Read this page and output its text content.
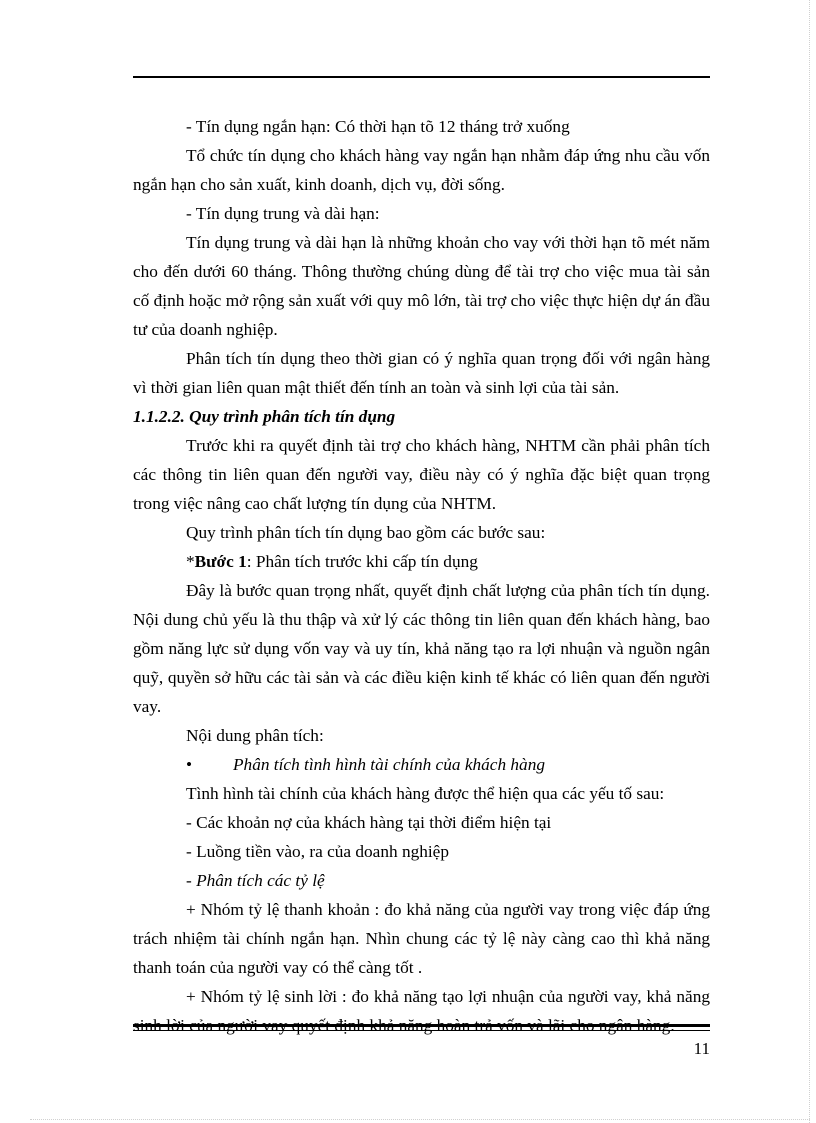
- Tín dụng ngắn hạn: Có thời hạn tõ 12 tháng trở xuống

Tổ chức tín dụng cho khách hàng vay ngắn hạn nhằm đáp ứng nhu cầu vốn ngắn hạn cho sản xuất, kinh doanh, dịch vụ, đời sống.

- Tín dụng trung và dài hạn:

Tín dụng trung và dài hạn là những khoản cho vay với thời hạn tõ mét năm cho đến dưới 60 tháng. Thông thường chúng dùng để tài trợ cho việc mua tài sản cố định hoặc mở rộng sản xuất với quy mô lớn, tài trợ cho việc thực hiện dự án đầu tư của doanh nghiệp.

Phân tích tín dụng theo thời gian có ý nghĩa quan trọng đối với ngân hàng vì thời gian liên quan mật thiết đến tính an toàn và sinh lợi của tài sản.

1.1.2.2. Quy trình phân tích tín dụng

Trước khi ra quyết định tài trợ cho khách hàng, NHTM cần phải phân tích các thông tin liên quan đến người vay, điều này có ý nghĩa đặc biệt quan trọng trong việc nâng cao chất lượng tín dụng của NHTM.

Quy trình phân tích tín dụng bao gồm các bước sau:

*Bước 1: Phân tích trước khi cấp tín dụng

Đây là bước quan trọng nhất, quyết định chất lượng của phân tích tín dụng. Nội dung chủ yếu là thu thập và xử lý các thông tin liên quan đến khách hàng, bao gồm năng lực sử dụng vốn vay và uy tín, khả năng tạo ra lợi nhuận và nguồn ngân quỹ, quyền sở hữu các tài sản và các điều kiện kinh tế khác có liên quan đến người vay.

Nội dung phân tích:

•	Phân tích tình hình tài chính của khách hàng

Tình hình tài chính của khách hàng được thể hiện qua các yếu tố sau:

- Các khoản nợ của khách hàng tại thời điểm hiện tại

- Luồng tiền vào, ra của doanh nghiệp

- Phân tích các tỷ lệ

+ Nhóm tỷ lệ thanh khoản : đo khả năng của người vay trong việc đáp ứng trách nhiệm tài chính ngắn hạn. Nhìn chung các tỷ lệ này càng cao thì khả năng thanh toán của người vay có thể càng tốt .

+ Nhóm tỷ lệ sinh lời : đo khả năng tạo lợi nhuận của người vay, khả năng sinh lời của người vay quyết định khả năng hoàn trả vốn và lãi cho ngân hàng.

11
